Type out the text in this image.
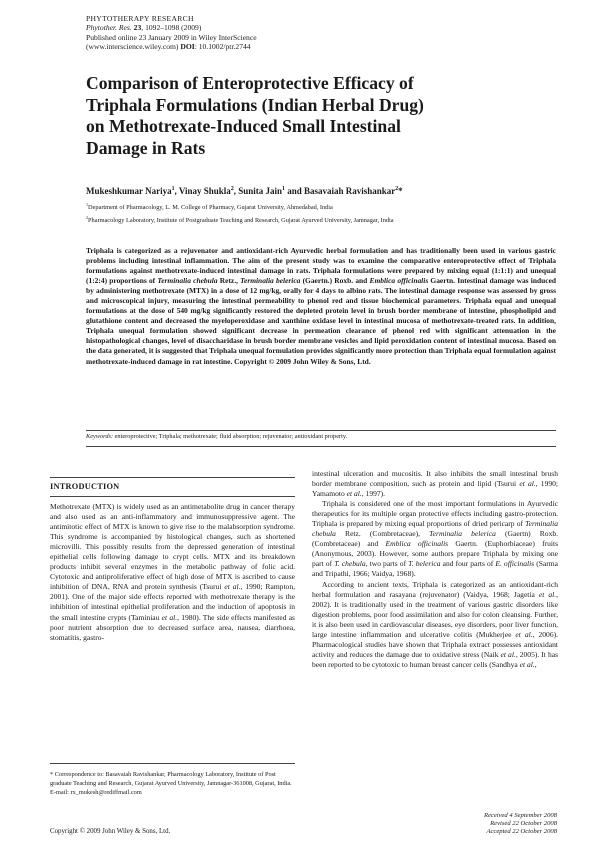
PHYTOTHERAPY RESEARCH
Phytother. Res. 23, 1092–1098 (2009)
Published online 23 January 2009 in Wiley InterScience
(www.interscience.wiley.com) DOI: 10.1002/ptr.2744
Comparison of Enteroprotective Efficacy of
Triphala Formulations (Indian Herbal Drug)
on Methotrexate-Induced Small Intestinal
Damage in Rats
Mukeshkumar Nariya$^1$, Vinay Shukla$^2$, Sunita Jain$^1$ and Basavaiah Ravishankar$^2$*
$^1$Department of Pharmacology, L. M. College of Pharmacy, Gujarat University, Ahmedabad, India
$^2$Pharmacology Laboratory, Institute of Postgraduate Teaching and Research, Gujarat Ayurved University, Jamnagar, India
Triphala is categorized as a rejuvenator and antioxidant-rich Ayurvedic herbal formulation and has traditionally been used in various gastric problems including intestinal inflammation. The aim of the present study was to examine the comparative enteroprotective effect of Triphala formulations against methotrexate-induced intestinal damage in rats. Triphala formulations were prepared by mixing equal (1:1:1) and unequal (1:2:4) proportions of Terminalia chebula Retz., Terminalia belerica (Gaertn.) Roxb. and Emblica officinalis Gaertn. Intestinal damage was induced by administering methotrexate (MTX) in a dose of 12 mg/kg, orally for 4 days to albino rats. The intestinal damage response was assessed by gross and microscopical injury, measuring the intestinal permeability to phenol red and tissue biochemical parameters. Triphala equal and unequal formulations at the dose of 540 mg/kg significantly restored the depleted protein level in brush border membrane of intestine, phospholipid and glutathione content and decreased the myeloperoxidase and xanthine oxidase level in intestinal mucosa of methotrexate-treated rats. In addition, Triphala unequal formulation showed significant decrease in permeation clearance of phenol red with significant attenuation in the histopathological changes, level of disaccharidase in brush border membrane vesicles and lipid peroxidation content of intestinal mucosa. Based on the data generated, it is suggested that Triphala unequal formulation provides significantly more protection than Triphala equal formulation against methotrexate-induced damage in rat intestine. Copyright © 2009 John Wiley & Sons, Ltd.
Keywords: enteroprotective; Triphala; methotrexate; fluid absorption; rejuvenator; antioxidant property.
INTRODUCTION

Methotrexate (MTX) is widely used as an antimetabolite drug in cancer therapy and also used as an anti-inflammatory and immunosuppressive agent. The antimitotic effect of MTX is known to give rise to the malabsorption syndrome. This syndrome is accompanied by histological changes, such as shortened microvilli. This possibly results from the depressed generation of intestinal epithelial cells following damage to crypt cells. MTX and its breakdown products inhibit several enzymes in the metabolic pathway of folic acid. Cytotoxic and antiproliferative effect of high dose of MTX is ascribed to cause inhibition of DNA, RNA and protein synthesis (Tsurui et al., 1990; Rampton, 2001). One of the major side effects reported with methotrexate therapy is the inhibition of intestinal epithelial proliferation and the induction of apoptosis in the small intestine crypts (Taminiau et al., 1980). The side effects manifested as poor nutrient absorption due to decreased surface area, nausea, diarrhoea, stomatitis, gastro-

intestinal ulceration and mucositis. It also inhibits the small intestinal brush border membrane composition, such as protein and lipid (Tsurui et al., 1990; Yamamoto et al., 1997).

Triphala is considered one of the most important formulations in Ayurvedic therapeutics for its multiple organ protective effects including gastro-protection. Triphala is prepared by mixing equal proportions of dried pericarp of Terminalia chebula Retz. (Combretaceae), Terminalia belerica (Gaertn) Roxb. (Combretaceae) and Emblica officinalis Gaertn. (Euphorbiaceae) fruits (Anonymous, 2003). However, some authors prepare Triphala by mixing one part of T. chebula, two parts of T. belerica and four parts of E. officinalis (Sarma and Tripathi, 1966; Vaidya, 1968).

According to ancient texts, Triphala is categorized as an antioxidant-rich herbal formulation and rasayana (rejuvenator) (Vaidya, 1968; Jagetia et al., 2002). It is traditionally used in the treatment of various gastric disorders like digestion problems, poor food assimilation and also for colon cleansing. Further, it is also been used in cardiovascular diseases, eye disorders, poor liver function, large intestine inflammation and ulcerative colitis (Mukherjee et al., 2006). Pharmacological studies have shown that Triphala extract possesses antioxidant activity and reduces the damage due to oxidative stress (Naik et al., 2005). It has been reported to be cytotoxic to human breast cancer cells (Sandhya et al.,

* Correspondence to: Basavaiah Ravishankar, Pharmacology Laboratory, Institute of Post graduate Teaching and Research, Gujarat Ayurved University, Jamnagar-361008, Gujarat, India.

E-mail: rx_mukesh@rediffmail.com

Copyright © 2009 John Wiley & Sons, Ltd.
Received 4 September 2008
Revised 22 October 2008
Accepted 22 October 2008
